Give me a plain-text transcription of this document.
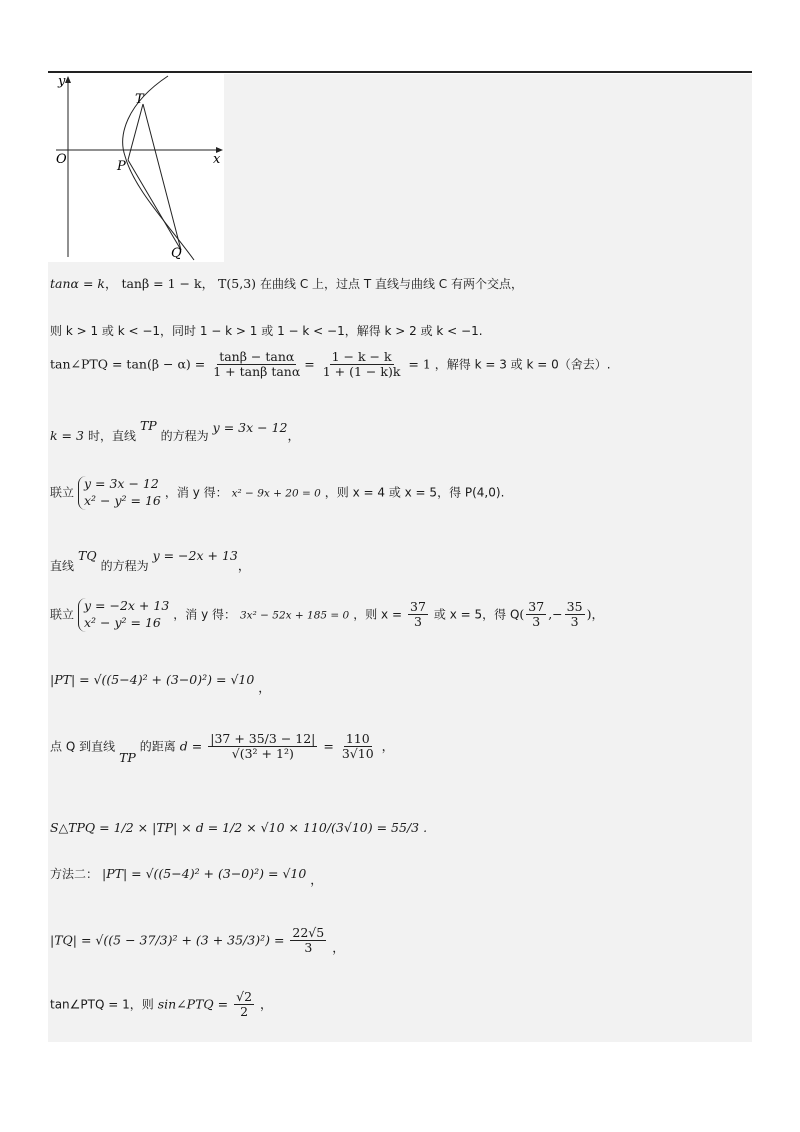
y
x
O
T
P
Q
tanα = k， tanβ = 1 − k， T(5,3) 在曲线 C 上，过点 T 直线与曲线 C 有两个交点，
则 k > 1 或 k < −1，同时 1 − k > 1 或 1 − k < −1，解得 k > 2 或 k < −1.
tan∠PTQ = $\tan(\beta - \alpha) = \frac{\tan\beta - \tan\alpha}{\text{1 + tanβ tanα}} = \frac{1 - k - k}{1 + (1 - k)k} = 1$ ，解得 k = 3 或 k = 0（舍去）.
k = 3 时，直线 TP 的方程为 y = 3x − 12，
联立 y = 3x − 12
x² − y² = 16 ，消 y 得： x² − 9x + 20 = 0 ，则 x = 4 或 x = 5，得 P(4,0).
直线 TQ 的方程为 y = −2x + 13，
联立 y = −2x + 13
x² − y² = 16 ，消 y 得： 3x² − 52x + 185 = 0 ，则 $x = \frac{37}{3}$ 或 x = 5，得 $Q( \frac{37}{3}$ ,− $\frac{35}{3}$ )，
|PT| = √((5−4)² + (3−0)²) = √10 ，
点 Q 到直线 TP 的距离 $d = \frac{|37 + 35/3 - 12|}{\text{√(3² + 1²)}} = \frac{110}{3√10}$ ，
S△TPQ = 1/2 × |TP| × d = 1/2 × √10 × 110/(3√10) = 55/3 .
方法二： |PT| = √((5−4)² + (3−0)²) = √10 ，
$|TQ| = √((5 - 37/3)^2 + (3 + 35/3)^2) = \frac{22√5}{3}$ ，
tan∠PTQ = 1，则 sin∠PTQ = $\frac{√2}{2}$ ，
